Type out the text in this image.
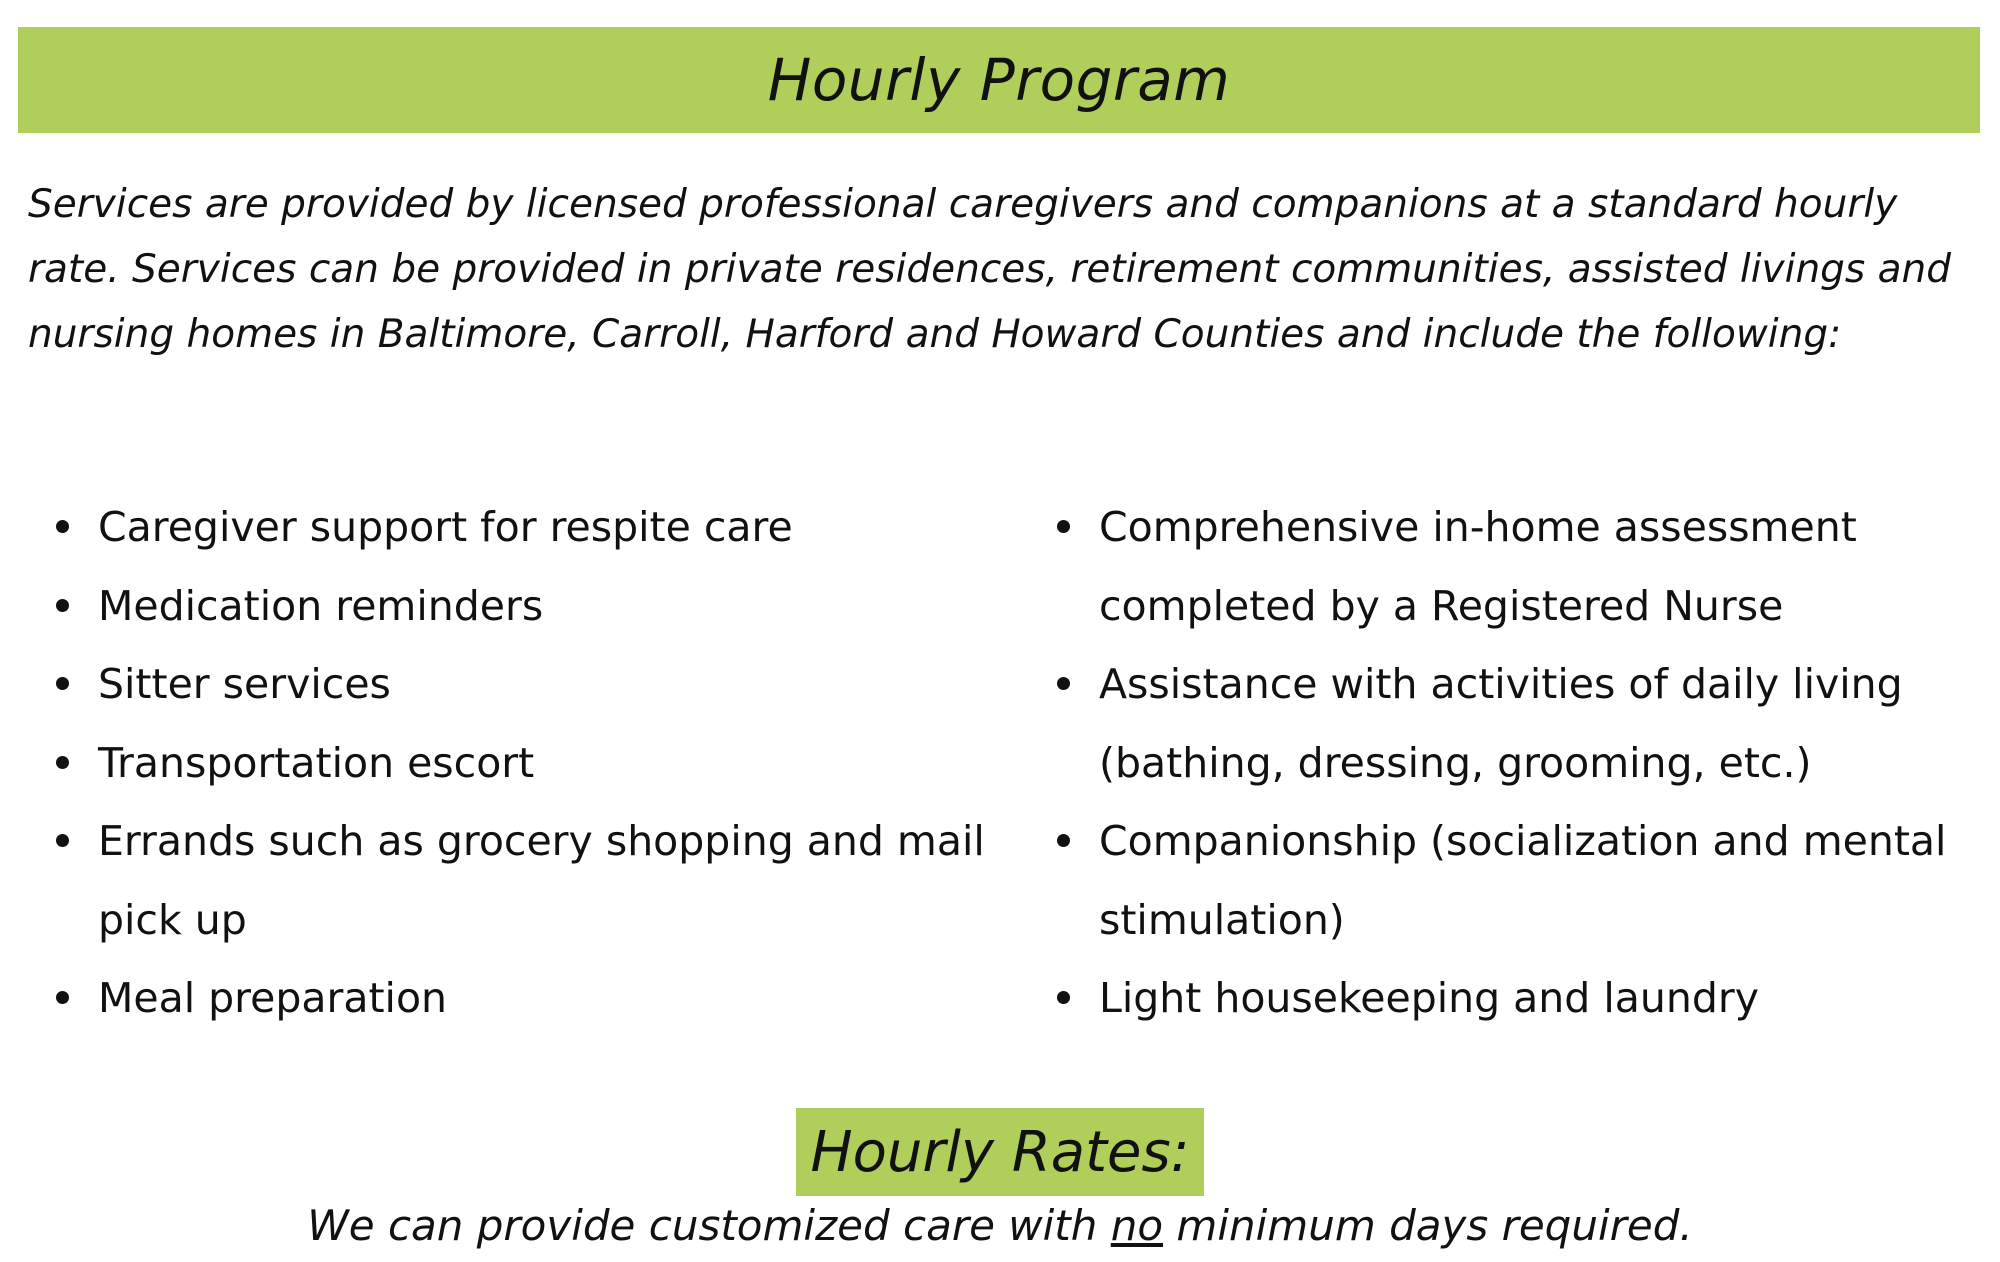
Hourly Program

Services are provided by licensed professional caregivers and companions at a standard hourly rate. Services can be provided in private residences, retirement communities, assisted livings and nursing homes in Baltimore, Carroll, Harford and Howard Counties and include the following:

Caregiver support for respite care
Medication reminders
Sitter services
Transportation escort
Errands such as grocery shopping and mail pick up
Meal preparation
Comprehensive in-home assessment completed by a Registered Nurse
Assistance with activities of daily living (bathing, dressing, grooming, etc.)
Companionship (socialization and mental stimulation)
Light housekeeping and laundry
Hourly Rates:
We can provide customized care with no minimum days required.
